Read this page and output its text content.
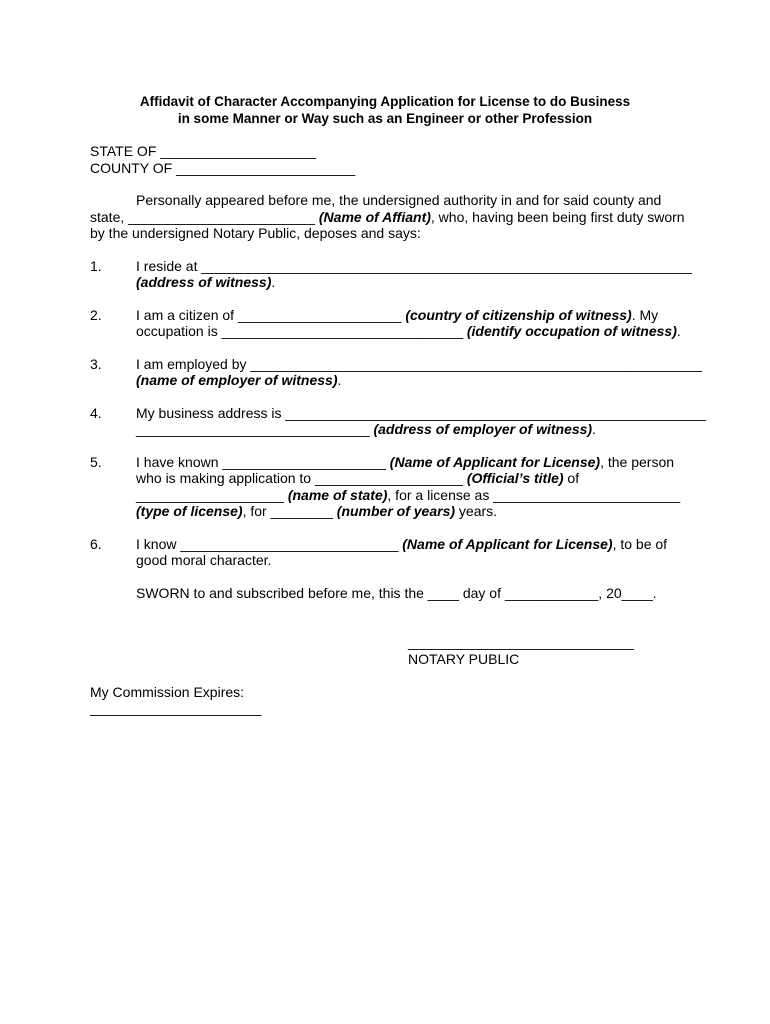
Affidavit of Character Accompanying Application for License to do Business
in some Manner or Way such as an Engineer or other Profession
STATE OF ____________________
COUNTY OF _______________________
Personally appeared before me, the undersigned authority in and for said county and
state, ________________________ (Name of Affiant), who, having been being first duty sworn
by the undersigned Notary Public, deposes and says:
1. I reside at _______________________________________________________________
(address of witness).
2. I am a citizen of _____________________ (country of citizenship of witness). My
occupation is _______________________________ (identify occupation of witness).
3. I am employed by __________________________________________________________
(name of employer of witness).
4. My business address is ______________________________________________________
______________________________ (address of employer of witness).
5. I have known _____________________ (Name of Applicant for License), the person
who is making application to ___________________ (Official’s title) of
___________________ (name of state), for a license as ________________________
(type of license), for ________ (number of years) years.
6. I know ____________________________ (Name of Applicant for License), to be of
good moral character.
SWORN to and subscribed before me, this the ____ day of ____________, 20____.
_____________________________
NOTARY PUBLIC
My Commission Expires:
______________________
